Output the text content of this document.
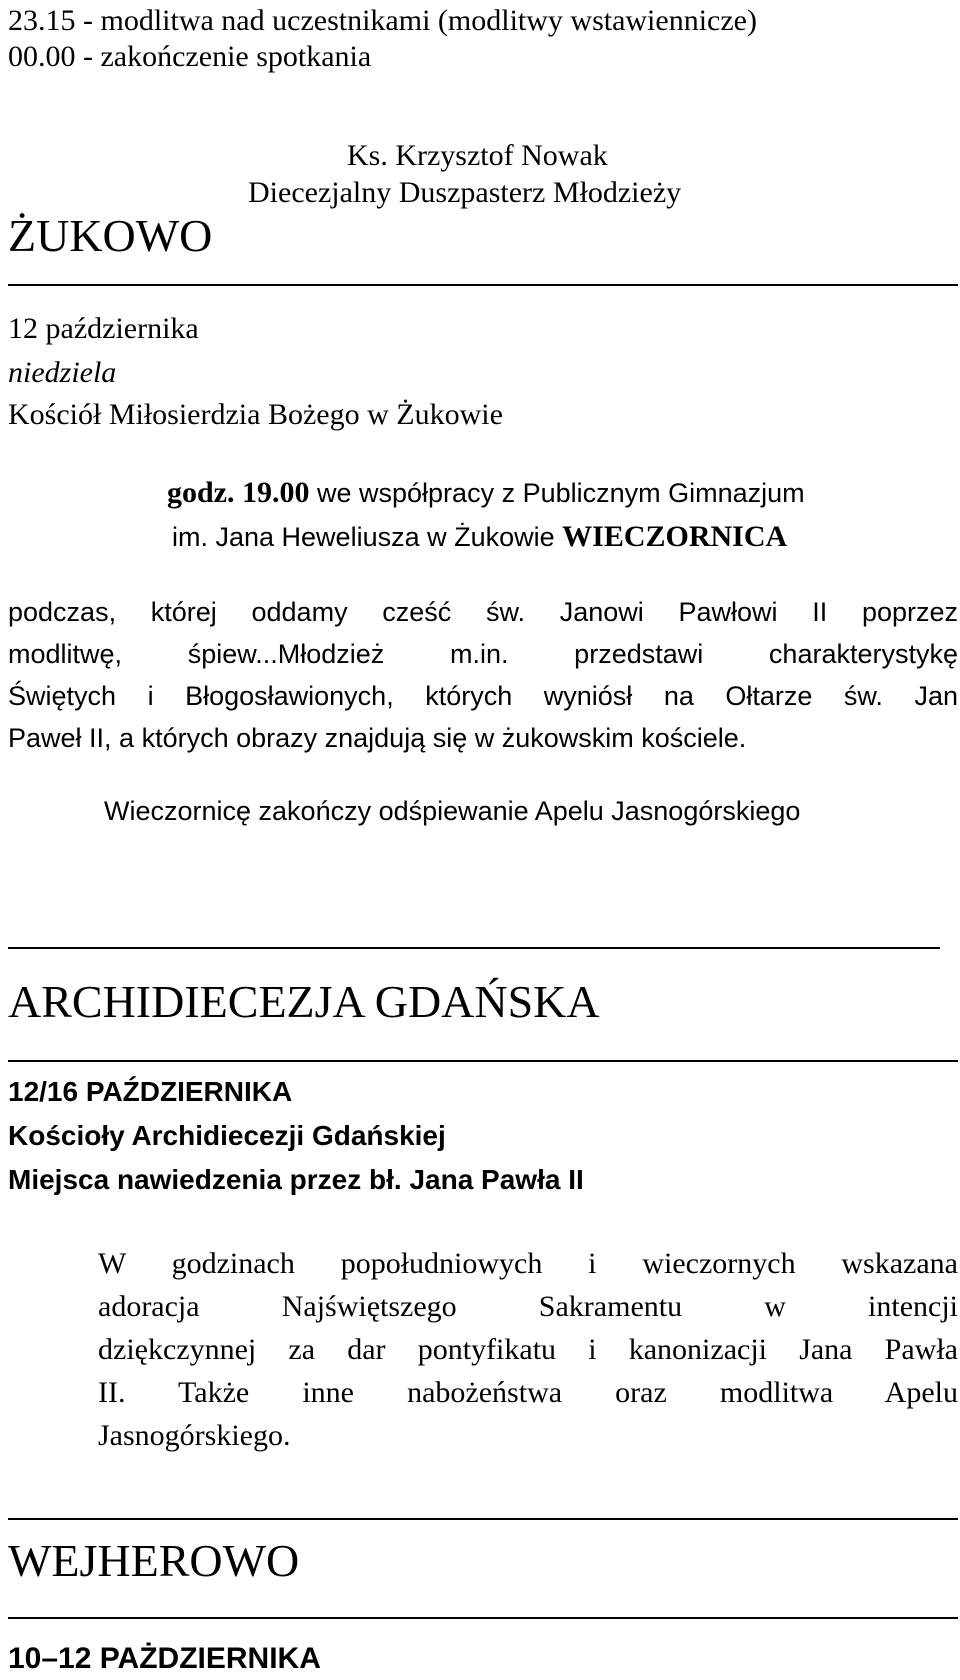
23.15 - modlitwa nad uczestnikami (modlitwy wstawiennicze)
00.00 - zakończenie spotkania
Ks. Krzysztof Nowak
Diecezjalny Duszpasterz Młodzieży
ŻUKOWO
12 października
niedziela
Kościół Miłosierdzia Bożego w Żukowie
godz. 19.00 we współpracy z Publicznym Gimnazjum
im. Jana Heweliusza w Żukowie WIECZORNICA
podczas, której oddamy cześć św. Janowi Pawłowi II poprzez
modlitwę, śpiew...Młodzież m.in. przedstawi charakterystykę
Świętych i Błogosławionych, których wyniósł na Ołtarze św. Jan
Paweł II, a których obrazy znajdują się w żukowskim kościele.
Wieczornicę zakończy odśpiewanie Apelu Jasnogórskiego
ARCHIDIECEZJA GDAŃSKA
12/16 PAŹDZIERNIKA
Kościoły Archidiecezji Gdańskiej
Miejsca nawiedzenia przez bł. Jana Pawła II
W godzinach popołudniowych i wieczornych wskazana
adoracja Najświętszego Sakramentu w intencji
dziękczynnej za dar pontyfikatu i kanonizacji Jana Pawła
II. Także inne nabożeństwa oraz modlitwa Apelu
Jasnogórskiego.
WEJHEROWO
10–12 PAŻDZIERNIKA
